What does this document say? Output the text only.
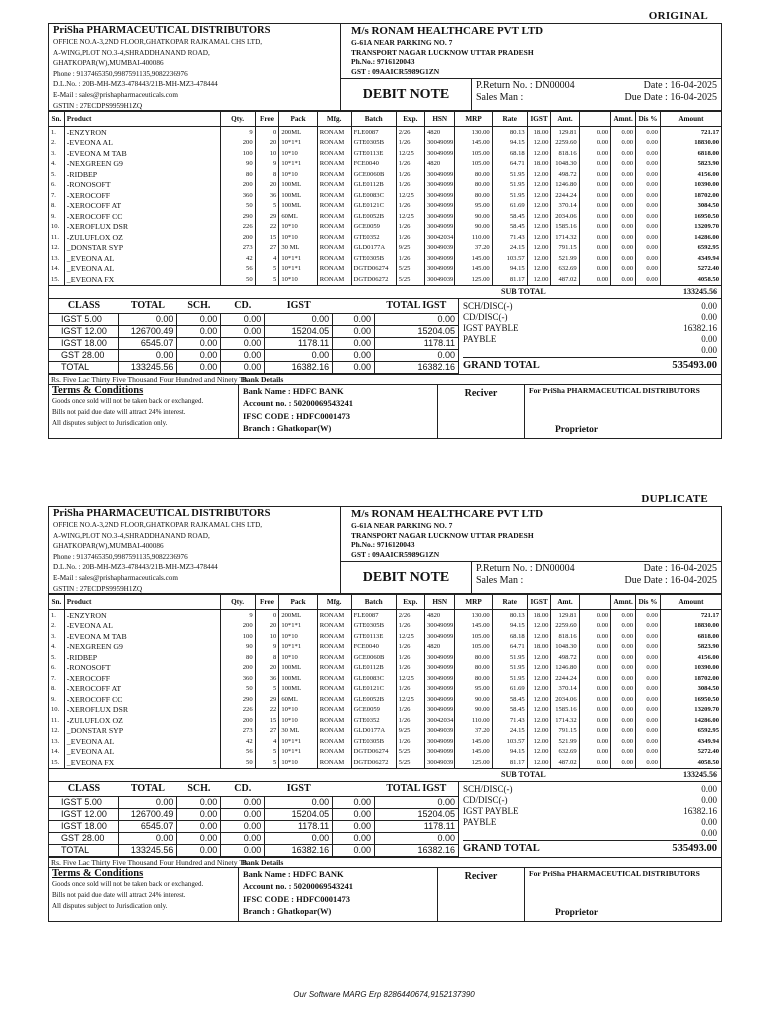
ORIGINAL
PriSha PHARMACEUTICAL DISTRIBUTORS
OFFICE NO.A-3,2ND FLOOR,GHATKOPAR RAJKAMAL CHS LTD,
A-WING,PLOT NO.3-4,SHRADDHANAND ROAD,
GHATKOPAR(W),MUMBAI-400086
Phone : 9137465350,9987591135,9082236976
D.L.No. : 20B-MH-MZ3-478443/21B-MH-MZ3-478444
E-Mail : sales@prishapharmaceuticals.com
GSTIN : 27ECDPS9959H1ZQ
M/s RONAM HEALTHCARE PVT LTD
G-61A NEAR PARKING NO. 7
TRANSPORT NAGAR LUCKNOW UTTAR PRADESH
Ph.No.: 9716120043
GST : 09AAICR5989G1ZN
DEBIT NOTE
P.Return No. : DN00004	Date : 16-04-2025
Sales Man :	Due Date : 16-04-2025
Sn.	Product	Qty.	Free	Pack	Mfg.	Batch	Exp.	HSN	MRP	Rate	IGST	Amt.		Amnt.	Dis %	Amount
1.	-ENZYRON	9	0	200ML	RONAM	FLE0087	2/26	4820	130.00	80.13	18.00	129.81	0.00	0.00	0.00	721.17
2.	-EVEONA AL	200	20	10*1*1	RONAM	GTE0305B	1/26	30049099	145.00	94.15	12.00	2259.60	0.00	0.00	0.00	18830.00
3.	-EVEONA M TAB	100	10	10*10	RONAM	GTE0113E	12/25	30049099	105.00	68.18	12.00	818.16	0.00	0.00	0.00	6818.00
4.	-NEXGREEN G9	90	9	10*1*1	RONAM	FCE0040	1/26	4820	105.00	64.71	18.00	1048.30	0.00	0.00	0.00	5823.90
5.	-RIDBEP	80	8	10*10	RONAM	GCE0060B	1/26	30049099	80.00	51.95	12.00	498.72	0.00	0.00	0.00	4156.00
6.	-RONOSOFT	200	20	100ML	RONAM	GLE0112B	1/26	30049099	80.00	51.95	12.00	1246.80	0.00	0.00	0.00	10390.00
7.	-XEROCOFF	360	36	100ML	RONAM	GLE0083C	12/25	30049099	80.00	51.95	12.00	2244.24	0.00	0.00	0.00	18702.00
8.	-XEROCOFF AT	50	5	100ML	RONAM	GLE0121C	1/26	30049099	95.00	61.69	12.00	370.14	0.00	0.00	0.00	3084.50
9.	-XEROCOFF CC	290	29	60ML	RONAM	GLE0052B	12/25	30049099	90.00	58.45	12.00	2034.06	0.00	0.00	0.00	16950.50
10.	-XEROFLUX DSR	226	22	10*10	RONAM	GCE0059	1/26	30049099	90.00	58.45	12.00	1585.16	0.00	0.00	0.00	13209.70
11.	-ZULUFLOX OZ	200	15	10*10	RONAM	GTE0352	1/26	30042034	110.00	71.43	12.00	1714.32	0.00	0.00	0.00	14286.00
12.	_DONSTAR SYP	273	27	30 ML	RONAM	GLD0177A	9/25	30049039	37.20	24.15	12.00	791.15	0.00	0.00	0.00	6592.95
13.	_EVEONA AL	42	4	10*1*1	RONAM	GTE0305B	1/26	30049099	145.00	103.57	12.00	521.99	0.00	0.00	0.00	4349.94
14.	_EVEONA AL	56	5	10*1*1	RONAM	DGTD06274	5/25	30049099	145.00	94.15	12.00	632.69	0.00	0.00	0.00	5272.40
15.	_EVEONA FX	50	5	10*10	RONAM	DGTD06272	5/25	30049039	125.00	81.17	12.00	487.02	0.00	0.00	0.00	4058.50
SUB TOTAL	133245.56
CLASS	TOTAL	SCH.	CD.	IGST		TOTAL IGST
IGST 5.00	0.00	0.00	0.00	0.00	0.00	0.00
IGST 12.00	126700.49	0.00	0.00	15204.05	0.00	15204.05
IGST 18.00	6545.07	0.00	0.00	1178.11	0.00	1178.11
GST 28.00	0.00	0.00	0.00	0.00	0.00	0.00
TOTAL	133245.56	0.00	0.00	16382.16	0.00	16382.16
SCH/DISC(-)	0.00
CD/DISC(-)	0.00
IGST PAYBLE	16382.16
PAYBLE	0.00
0.00
GRAND TOTAL	535493.00
Rs. Five Lac Thirty Five Thousand Four Hundred and Ninety ThBank Details
Terms & Conditions
Goods once sold will not be taken back or exchanged.
Bills not paid due date will attract 24% interest.
All disputes subject to Jurisdication only.
Bank Name : HDFC BANK
Account no. : 50200069543241
IFSC CODE : HDFC0001473
Branch : Ghatkopar(W)
Reciver	For PriSha PHARMACEUTICAL DISTRIBUTORS
Proprietor
DUPLICATE
PriSha PHARMACEUTICAL DISTRIBUTORS
OFFICE NO.A-3,2ND FLOOR,GHATKOPAR RAJKAMAL CHS LTD,
A-WING,PLOT NO.3-4,SHRADDHANAND ROAD,
GHATKOPAR(W),MUMBAI-400086
Phone : 9137465350,9987591135,9082236976
D.L.No. : 20B-MH-MZ3-478443/21B-MH-MZ3-478444
E-Mail : sales@prishapharmaceuticals.com
GSTIN : 27ECDPS9959H1ZQ
M/s RONAM HEALTHCARE PVT LTD
G-61A NEAR PARKING NO. 7
TRANSPORT NAGAR LUCKNOW UTTAR PRADESH
Ph.No.: 9716120043
GST : 09AAICR5989G1ZN
DEBIT NOTE
P.Return No. : DN00004	Date : 16-04-2025
Sales Man :	Due Date : 16-04-2025
Sn.	Product	Qty.	Free	Pack	Mfg.	Batch	Exp.	HSN	MRP	Rate	IGST	Amt.		Amnt.	Dis %	Amount
1.	-ENZYRON	9	0	200ML	RONAM	FLE0087	2/26	4820	130.00	80.13	18.00	129.81	0.00	0.00	0.00	721.17
2.	-EVEONA AL	200	20	10*1*1	RONAM	GTE0305B	1/26	30049099	145.00	94.15	12.00	2259.60	0.00	0.00	0.00	18830.00
3.	-EVEONA M TAB	100	10	10*10	RONAM	GTE0113E	12/25	30049099	105.00	68.18	12.00	818.16	0.00	0.00	0.00	6818.00
4.	-NEXGREEN G9	90	9	10*1*1	RONAM	FCE0040	1/26	4820	105.00	64.71	18.00	1048.30	0.00	0.00	0.00	5823.90
5.	-RIDBEP	80	8	10*10	RONAM	GCE0060B	1/26	30049099	80.00	51.95	12.00	498.72	0.00	0.00	0.00	4156.00
6.	-RONOSOFT	200	20	100ML	RONAM	GLE0112B	1/26	30049099	80.00	51.95	12.00	1246.80	0.00	0.00	0.00	10390.00
7.	-XEROCOFF	360	36	100ML	RONAM	GLE0083C	12/25	30049099	80.00	51.95	12.00	2244.24	0.00	0.00	0.00	18702.00
8.	-XEROCOFF AT	50	5	100ML	RONAM	GLE0121C	1/26	30049099	95.00	61.69	12.00	370.14	0.00	0.00	0.00	3084.50
9.	-XEROCOFF CC	290	29	60ML	RONAM	GLE0052B	12/25	30049099	90.00	58.45	12.00	2034.06	0.00	0.00	0.00	16950.50
10.	-XEROFLUX DSR	226	22	10*10	RONAM	GCE0059	1/26	30049099	90.00	58.45	12.00	1585.16	0.00	0.00	0.00	13209.70
11.	-ZULUFLOX OZ	200	15	10*10	RONAM	GTE0352	1/26	30042034	110.00	71.43	12.00	1714.32	0.00	0.00	0.00	14286.00
12.	_DONSTAR SYP	273	27	30 ML	RONAM	GLD0177A	9/25	30049039	37.20	24.15	12.00	791.15	0.00	0.00	0.00	6592.95
13.	_EVEONA AL	42	4	10*1*1	RONAM	GTE0305B	1/26	30049099	145.00	103.57	12.00	521.99	0.00	0.00	0.00	4349.94
14.	_EVEONA AL	56	5	10*1*1	RONAM	DGTD06274	5/25	30049099	145.00	94.15	12.00	632.69	0.00	0.00	0.00	5272.40
15.	_EVEONA FX	50	5	10*10	RONAM	DGTD06272	5/25	30049039	125.00	81.17	12.00	487.02	0.00	0.00	0.00	4058.50
SUB TOTAL	133245.56
CLASS	TOTAL	SCH.	CD.	IGST		TOTAL IGST
IGST 5.00	0.00	0.00	0.00	0.00	0.00	0.00
IGST 12.00	126700.49	0.00	0.00	15204.05	0.00	15204.05
IGST 18.00	6545.07	0.00	0.00	1178.11	0.00	1178.11
GST 28.00	0.00	0.00	0.00	0.00	0.00	0.00
TOTAL	133245.56	0.00	0.00	16382.16	0.00	16382.16
SCH/DISC(-)	0.00
CD/DISC(-)	0.00
IGST PAYBLE	16382.16
PAYBLE	0.00
0.00
GRAND TOTAL	535493.00
Rs. Five Lac Thirty Five Thousand Four Hundred and Ninety ThBank Details
Terms & Conditions
Goods once sold will not be taken back or exchanged.
Bills not paid due date will attract 24% interest.
All disputes subject to Jurisdication only.
Bank Name : HDFC BANK
Account no. : 50200069543241
IFSC CODE : HDFC0001473
Branch : Ghatkopar(W)
Reciver	For PriSha PHARMACEUTICAL DISTRIBUTORS
Proprietor
Our Software MARG Erp 8286440674,9152137390
